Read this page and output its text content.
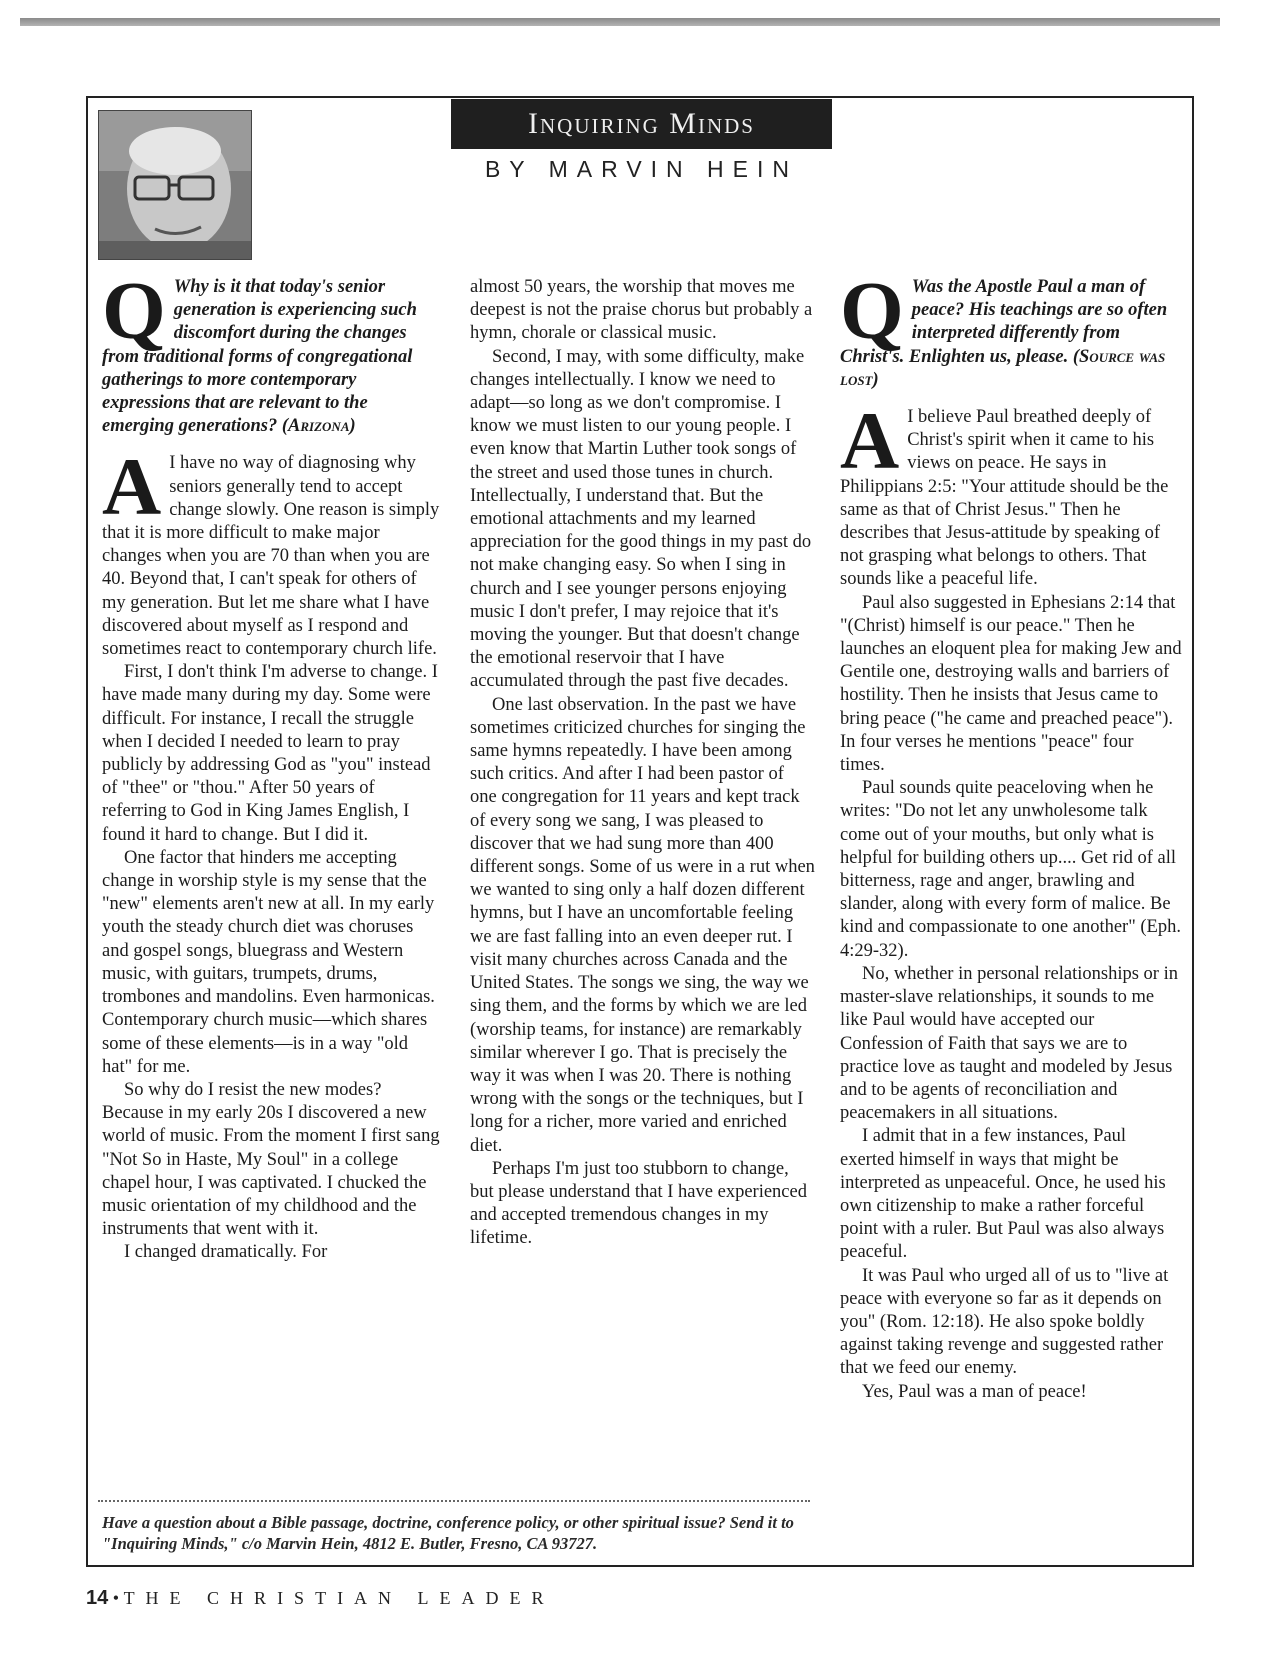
Inquiring Minds
BY MARVIN HEIN

Q Why is it that today's senior generation is experiencing such discomfort during the changes from traditional forms of congregational gatherings to more contemporary expressions that are relevant to the emerging generations? (Arizona)

A I have no way of diagnosing why seniors generally tend to accept change slowly. One reason is simply that it is more difficult to make major changes when you are 70 than when you are 40. Beyond that, I can't speak for others of my generation. But let me share what I have discovered about myself as I respond and sometimes react to contemporary church life.

First, I don't think I'm adverse to change. I have made many during my day. Some were difficult. For instance, I recall the struggle when I decided I needed to learn to pray publicly by addressing God as "you" instead of "thee" or "thou." After 50 years of referring to God in King James English, I found it hard to change. But I did it.

One factor that hinders me accepting change in worship style is my sense that the "new" elements aren't new at all. In my early youth the steady church diet was choruses and gospel songs, bluegrass and Western music, with guitars, trumpets, drums, trombones and mandolins. Even harmonicas. Contemporary church music—which shares some of these elements—is in a way "old hat" for me.

So why do I resist the new modes? Because in my early 20s I discovered a new world of music. From the moment I first sang "Not So in Haste, My Soul" in a college chapel hour, I was captivated. I chucked the music orientation of my childhood and the instruments that went with it.

I changed dramatically. For

almost 50 years, the worship that moves me deepest is not the praise chorus but probably a hymn, chorale or classical music.

Second, I may, with some difficulty, make changes intellectually. I know we need to adapt—so long as we don't compromise. I know we must listen to our young people. I even know that Martin Luther took songs of the street and used those tunes in church. Intellectually, I understand that. But the emotional attachments and my learned appreciation for the good things in my past do not make changing easy. So when I sing in church and I see younger persons enjoying music I don't prefer, I may rejoice that it's moving the younger. But that doesn't change the emotional reservoir that I have accumulated through the past five decades.

One last observation. In the past we have sometimes criticized churches for singing the same hymns repeatedly. I have been among such critics. And after I had been pastor of one congregation for 11 years and kept track of every song we sang, I was pleased to discover that we had sung more than 400 different songs. Some of us were in a rut when we wanted to sing only a half dozen different hymns, but I have an uncomfortable feeling we are fast falling into an even deeper rut. I visit many churches across Canada and the United States. The songs we sing, the way we sing them, and the forms by which we are led (worship teams, for instance) are remarkably similar wherever I go. That is precisely the way it was when I was 20. There is nothing wrong with the songs or the techniques, but I long for a richer, more varied and enriched diet.

Perhaps I'm just too stubborn to change, but please understand that I have experienced and accepted tremendous changes in my lifetime.

Q Was the Apostle Paul a man of peace? His teachings are so often interpreted differently from Christ's. Enlighten us, please. (Source was lost)

A I believe Paul breathed deeply of Christ's spirit when it came to his views on peace. He says in Philippians 2:5: "Your attitude should be the same as that of Christ Jesus." Then he describes that Jesus-attitude by speaking of not grasping what belongs to others. That sounds like a peaceful life.

Paul also suggested in Ephesians 2:14 that "(Christ) himself is our peace." Then he launches an eloquent plea for making Jew and Gentile one, destroying walls and barriers of hostility. Then he insists that Jesus came to bring peace ("he came and preached peace"). In four verses he mentions "peace" four times.

Paul sounds quite peaceloving when he writes: "Do not let any unwholesome talk come out of your mouths, but only what is helpful for building others up.... Get rid of all bitterness, rage and anger, brawling and slander, along with every form of malice. Be kind and compassionate to one another" (Eph. 4:29-32).

No, whether in personal relationships or in master-slave relationships, it sounds to me like Paul would have accepted our Confession of Faith that says we are to practice love as taught and modeled by Jesus and to be agents of reconciliation and peacemakers in all situations.

I admit that in a few instances, Paul exerted himself in ways that might be interpreted as unpeaceful. Once, he used his own citizenship to make a rather forceful point with a ruler. But Paul was also always peaceful.

It was Paul who urged all of us to "live at peace with everyone so far as it depends on you" (Rom. 12:18). He also spoke boldly against taking revenge and suggested rather that we feed our enemy.

Yes, Paul was a man of peace!

Have a question about a Bible passage, doctrine, conference policy, or other spiritual issue? Send it to "Inquiring Minds," c/o Marvin Hein, 4812 E. Butler, Fresno, CA 93727.
14 • THE CHRISTIAN LEADER
